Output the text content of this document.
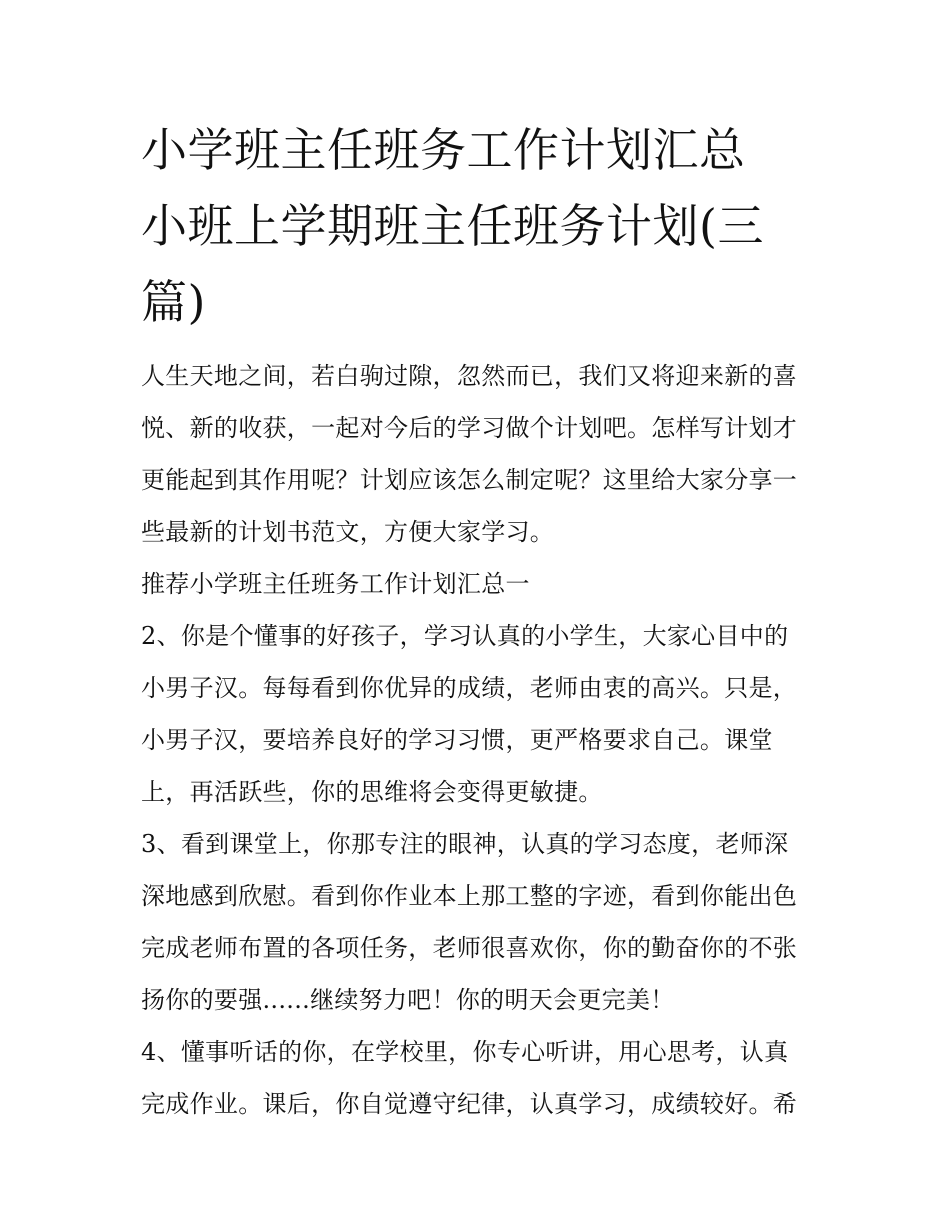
小学班主任班务工作计划汇总
小班上学期班主任班务计划(三
篇)

人生天地之间，若白驹过隙，忽然而已，我们又将迎来新的喜
悦、新的收获，一起对今后的学习做个计划吧。怎样写计划才
更能起到其作用呢？计划应该怎么制定呢？这里给大家分享一
些最新的计划书范文，方便大家学习。

推荐小学班主任班务工作计划汇总一

2、你是个懂事的好孩子，学习认真的小学生，大家心目中的
小男子汉。每每看到你优异的成绩，老师由衷的高兴。只是，
小男子汉，要培养良好的学习习惯，更严格要求自己。课堂
上，再活跃些，你的思维将会变得更敏捷。

3、看到课堂上，你那专注的眼神，认真的学习态度，老师深
深地感到欣慰。看到你作业本上那工整的字迹，看到你能出色
完成老师布置的各项任务，老师很喜欢你，你的勤奋你的不张
扬你的要强......继续努力吧！你的明天会更完美！

4、懂事听话的你，在学校里，你专心听讲，用心思考，认真
完成作业。课后，你自觉遵守纪律，认真学习，成绩较好。希
